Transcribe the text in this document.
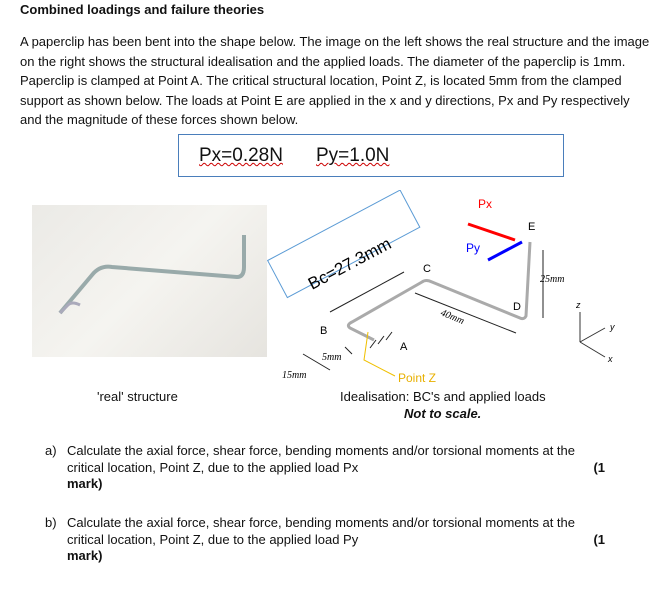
Combined loadings and failure theories
A paperclip has been bent into the shape below. The image on the left shows the real structure and the image on the right shows the structural idealisation and the applied loads. The diameter of the paperclip is 1mm. Paperclip is clamped at Point A. The critical structural location, Point Z, is located 5mm from the clamped support as shown below. The loads at Point E are applied in the x and y directions, Px and Py respectively and the magnitude of these forces shown below.
Px=0.28N Py=1.0N
Bc=27.3mm
B
C
D
E
A
Point Z
15mm
5mm
40mm
25mm
Px
Py
z
y
x
'real' structure	Idealisation: BC's and applied loads
Not to scale.
a) Calculate the axial force, shear force, bending moments and/or torsional moments at the critical location, Point Z, due to the applied load Px	(1
mark)
b) Calculate the axial force, shear force, bending moments and/or torsional moments at the critical location, Point Z, due to the applied load Py	(1
mark)
